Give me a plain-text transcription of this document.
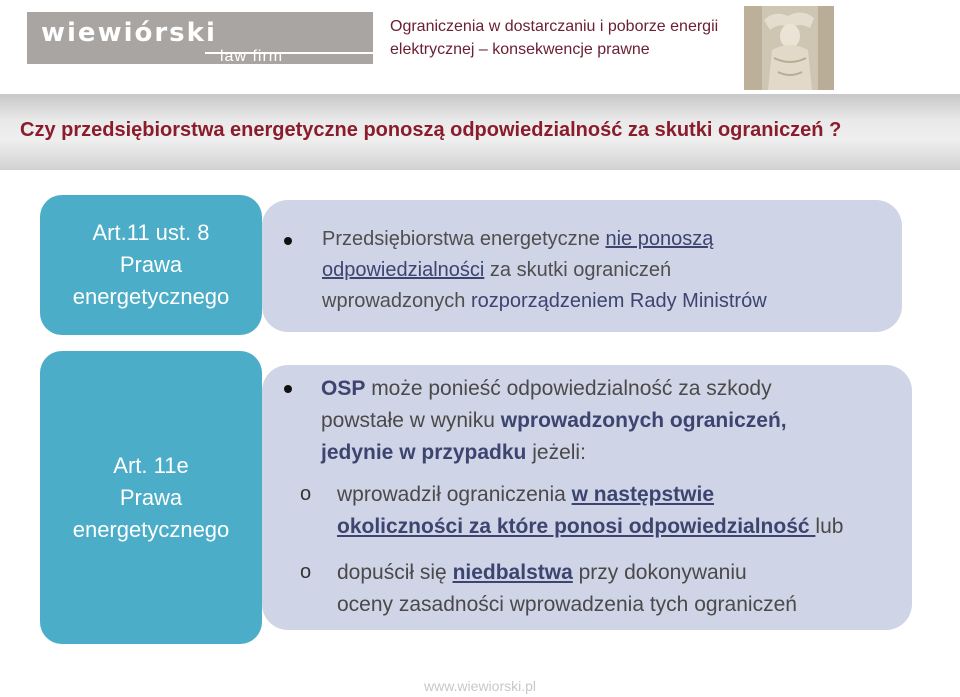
wiewiórski
law firm
Ograniczenia w dostarczaniu i poborze energii
elektrycznej – konsekwencje prawne
Czy przedsiębiorstwa energetyczne ponoszą odpowiedzialność za skutki ograniczeń ?
Art.11 ust. 8
Prawa
energetycznego
Przedsiębiorstwa energetyczne nie ponoszą
odpowiedzialności za skutki ograniczeń
wprowadzonych rozporządzeniem Rady Ministrów
Art. 11e
Prawa
energetycznego
OSP może ponieść odpowiedzialność za szkody
powstałe w wyniku wprowadzonych ograniczeń,
jedynie w przypadku jeżeli:
o wprowadził ograniczenia w następstwie
okoliczności za które ponosi odpowiedzialność lub
o dopuścił się niedbalstwa przy dokonywaniu
oceny zasadności wprowadzenia tych ograniczeń
www.wiewiorski.pl
